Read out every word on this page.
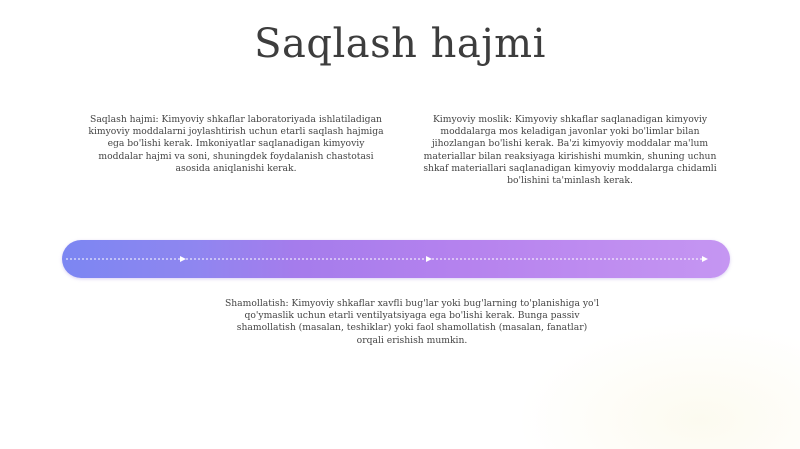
Saqlash hajmi
Saqlash hajmi: Kimyoviy shkaflar laboratoriyada ishlatiladigan kimyoviy moddalarni joylashtirish uchun etarli saqlash hajmiga ega bo'lishi kerak. Imkoniyatlar saqlanadigan kimyoviy moddalar hajmi va soni, shuningdek foydalanish chastotasi asosida aniqlanishi kerak.
Kimyoviy moslik: Kimyoviy shkaflar saqlanadigan kimyoviy moddalarga mos keladigan javonlar yoki bo'limlar bilan jihozlangan bo'lishi kerak. Ba'zi kimyoviy moddalar ma'lum materiallar bilan reaksiyaga kirishishi mumkin, shuning uchun shkaf materiallari saqlanadigan kimyoviy moddalarga chidamli bo'lishini ta'minlash kerak.
Shamollatish: Kimyoviy shkaflar xavfli bug'lar yoki bug'larning to'planishiga yo'l qo'ymaslik uchun etarli ventilyatsiyaga ega bo'lishi kerak. Bunga passiv shamollatish (masalan, teshiklar) yoki faol shamollatish (masalan, fanatlar) orqali erishish mumkin.
